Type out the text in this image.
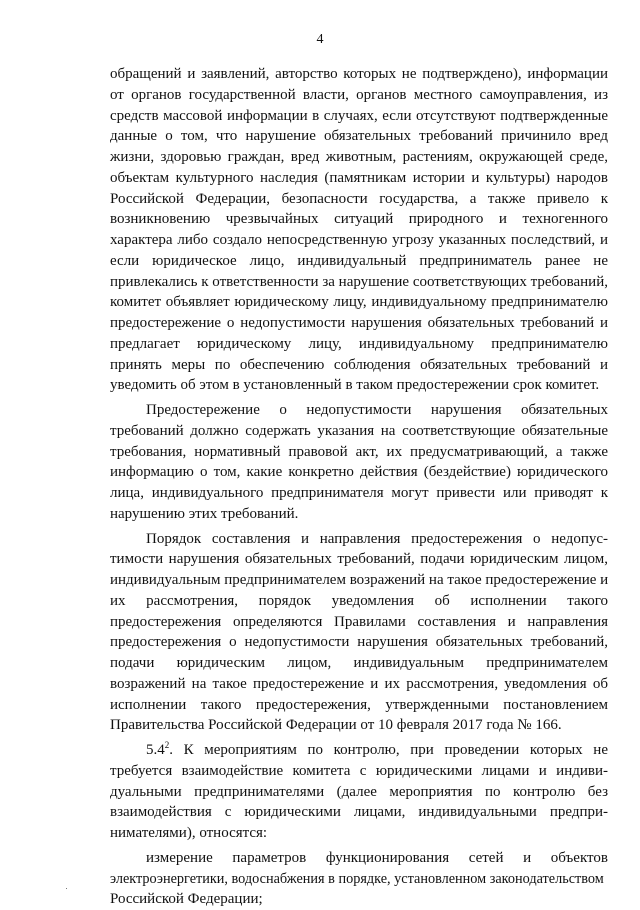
4
обращений и заявлений, авторство которых не подтверждено), информации
от органов государственной власти, органов местного самоуправления, из
средств массовой информации в случаях, если отсутствуют подтвержденные
данные о том, что нарушение обязательных требований причинило вред
жизни, здоровью граждан, вред животным, растениям, окружающей среде,
объектам культурного наследия (памятникам истории и культуры) народов
Российской Федерации, безопасности государства, а также привело к
возникновению чрезвычайных ситуаций природного и техногенного
характера либо создало непосредственную угрозу указанных последствий, и
если юридическое лицо, индивидуальный предприниматель ранее не
привлекались к ответственности за нарушение соответствующих требований,
комитет объявляет юридическому лицу, индивидуальному предпринимателю
предостережение о недопустимости нарушения обязательных требований и
предлагает юридическому лицу, индивидуальному предпринимателю
принять меры по обеспечению соблюдения обязательных требований и
уведомить об этом в установленный в таком предостережении срок комитет.
Предостережение о недопустимости нарушения обязательных
требований должно содержать указания на соответствующие обязательные
требования, нормативный правовой акт, их предусматривающий, а также
информацию о том, какие конкретно действия (бездействие) юридического
лица, индивидуального предпринимателя могут привести или приводят к
нарушению этих требований.
Порядок составления и направления предостережения о недопус-
тимости нарушения обязательных требований, подачи юридическим лицом,
индивидуальным предпринимателем возражений на такое предостережение и
их рассмотрения, порядок уведомления об исполнении такого
предостережения определяются Правилами составления и направления
предостережения о недопустимости нарушения обязательных требований,
подачи юридическим лицом, индивидуальным предпринимателем
возражений на такое предостережение и их рассмотрения, уведомления об
исполнении такого предостережения, утвержденными постановлением
Правительства Российской Федерации от 10 февраля 2017 года № 166.
$5.4^2$. К мероприятиям по контролю, при проведении которых не
требуется взаимодействие комитета с юридическими лицами и индиви-
дуальными предпринимателями (далее мероприятия по контролю без
взаимодействия с юридическими лицами, индивидуальными предпри-
нимателями), относятся:
измерение параметров функционирования сетей и объектов
электроэнергетики, водоснабжения в порядке, установленном законодательством
Российской Федерации;
